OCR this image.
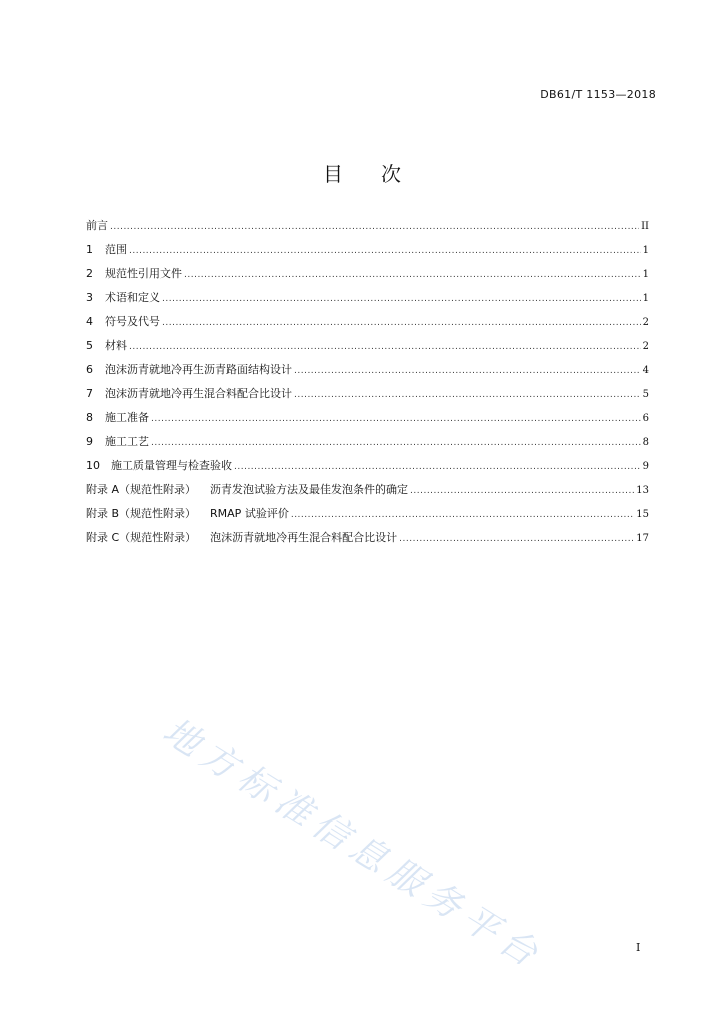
DB61/T 1153—2018
目 次
前言 .....	II
1	范围 .....	1
2	规范性引用文件 .....	1
3	术语和定义 .....	1
4	符号及代号 .....	2
5	材料 .....	2
6	泡沫沥青就地冷再生沥青路面结构设计 .....	4
7	泡沫沥青就地冷再生混合料配合比设计 .....	5
8	施工准备 .....	6
9	施工工艺 .....	8
10	施工质量管理与检查验收 .....	9
附录 A（规范性附录）    沥青发泡试验方法及最佳发泡条件的确定 .....	13
附录 B（规范性附录）    RMAP 试验评价 .....	15
附录 C（规范性附录）    泡沫沥青就地冷再生混合料配合比设计 .....	17
地方标准信息服务平台	I
